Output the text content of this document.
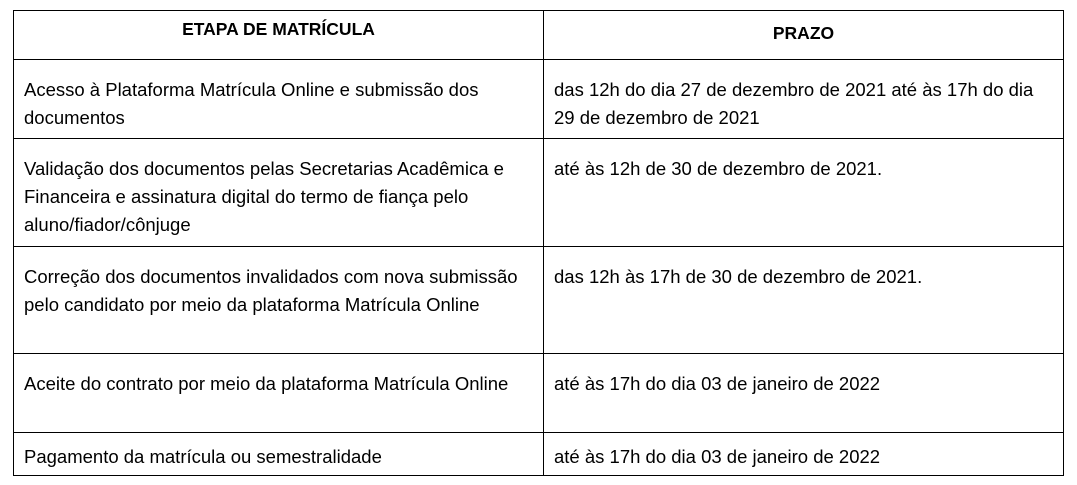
ETAPA DE MATRÍCULA	PRAZO
Acesso à Plataforma Matrícula Online e submissão dos documentos	das 12h do dia 27 de dezembro de 2021 até às 17h do dia 29 de dezembro de 2021
Validação dos documentos pelas Secretarias Acadêmica e Financeira e assinatura digital do termo de fiança pelo aluno/fiador/cônjuge	até às 12h de 30 de dezembro de 2021.
Correção dos documentos invalidados com nova submissão pelo candidato por meio da plataforma Matrícula Online	das 12h às 17h de 30 de dezembro de 2021.
Aceite do contrato por meio da plataforma Matrícula Online	até às 17h do dia 03 de janeiro de 2022
Pagamento da matrícula ou semestralidade	até às 17h do dia 03 de janeiro de 2022
